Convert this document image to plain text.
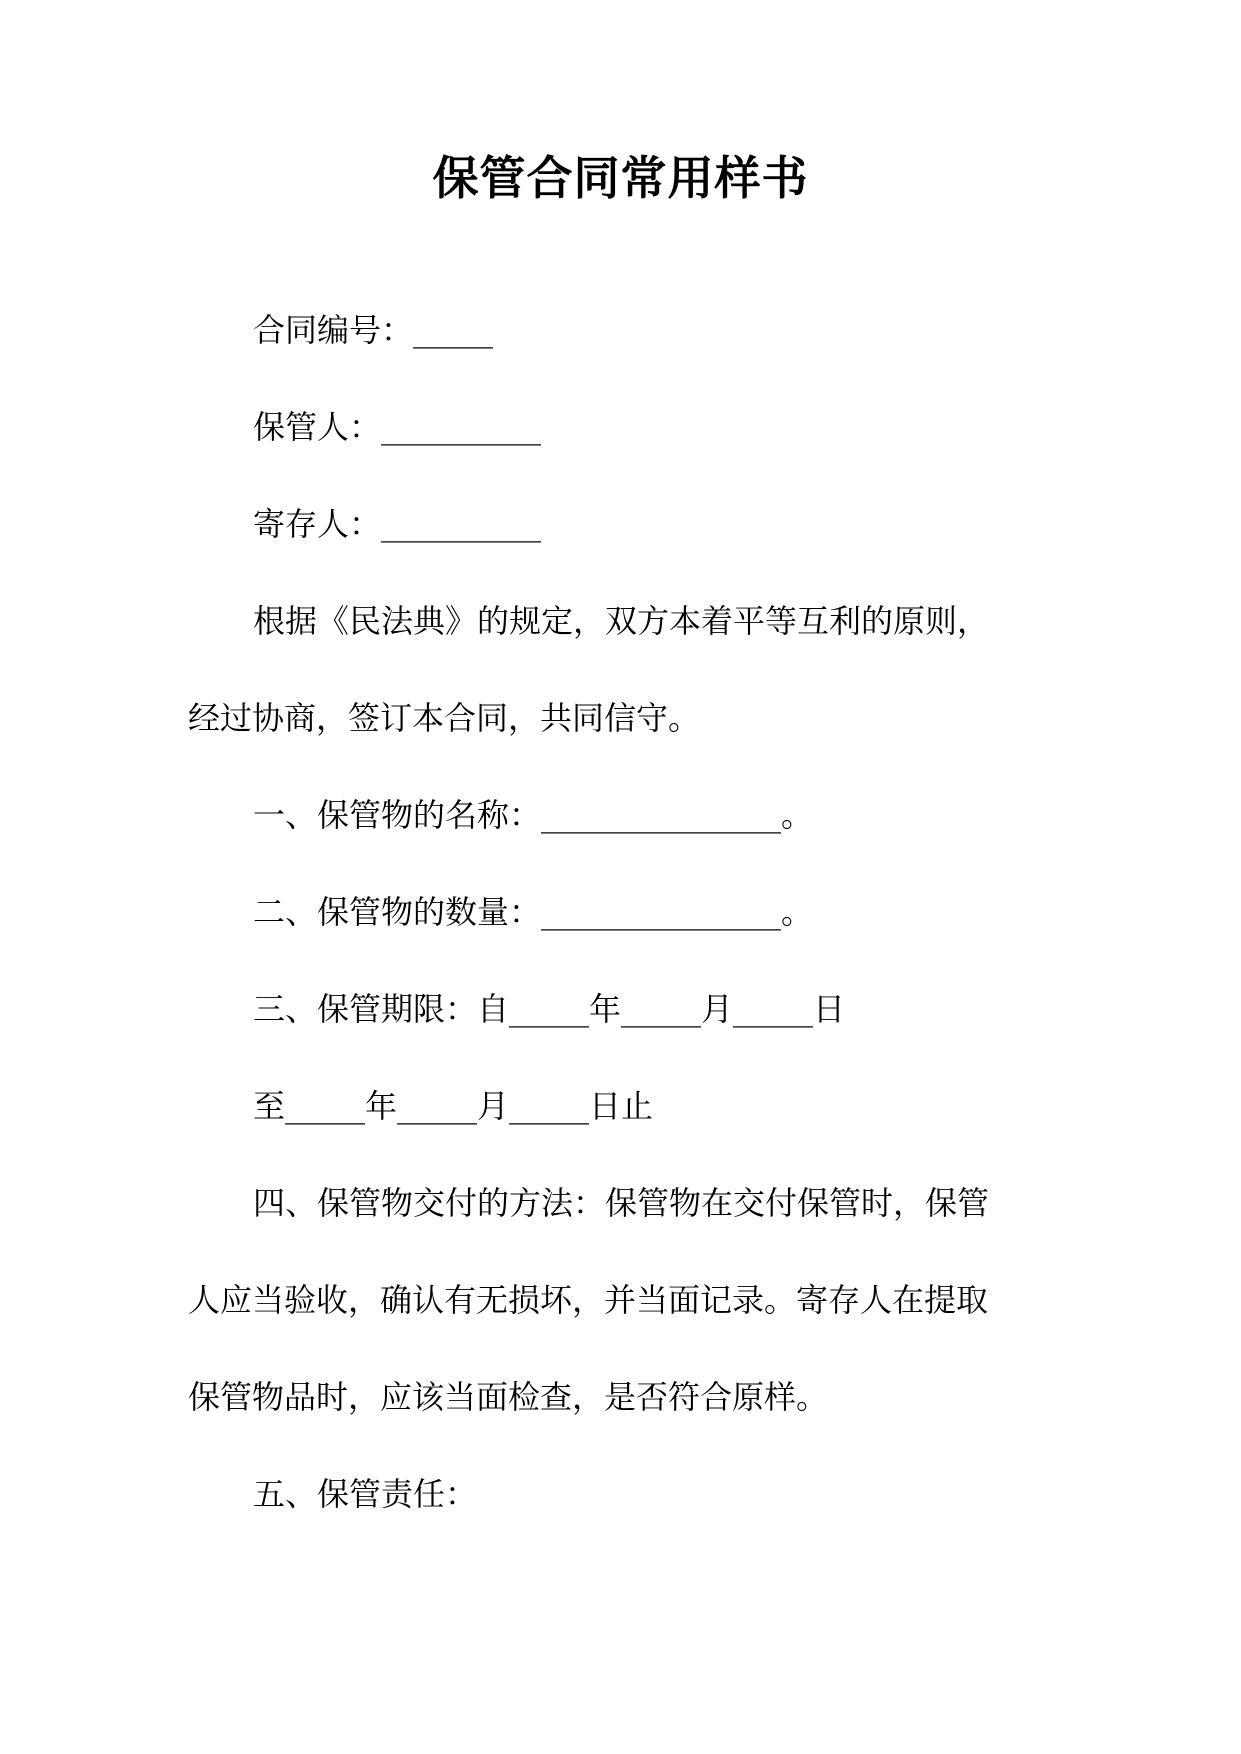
保管合同常用样书

合同编号：_____

保管人：__________

寄存人：__________

根据《民法典》的规定，双方本着平等互利的原则，

经过协商，签订本合同，共同信守。

一、保管物的名称：_______________。

二、保管物的数量：_______________。

三、保管期限：自_____年_____月_____日

至_____年_____月_____日止

四、保管物交付的方法：保管物在交付保管时，保管

人应当验收，确认有无损坏，并当面记录。寄存人在提取

保管物品时，应该当面检查，是否符合原样。

五、保管责任：
